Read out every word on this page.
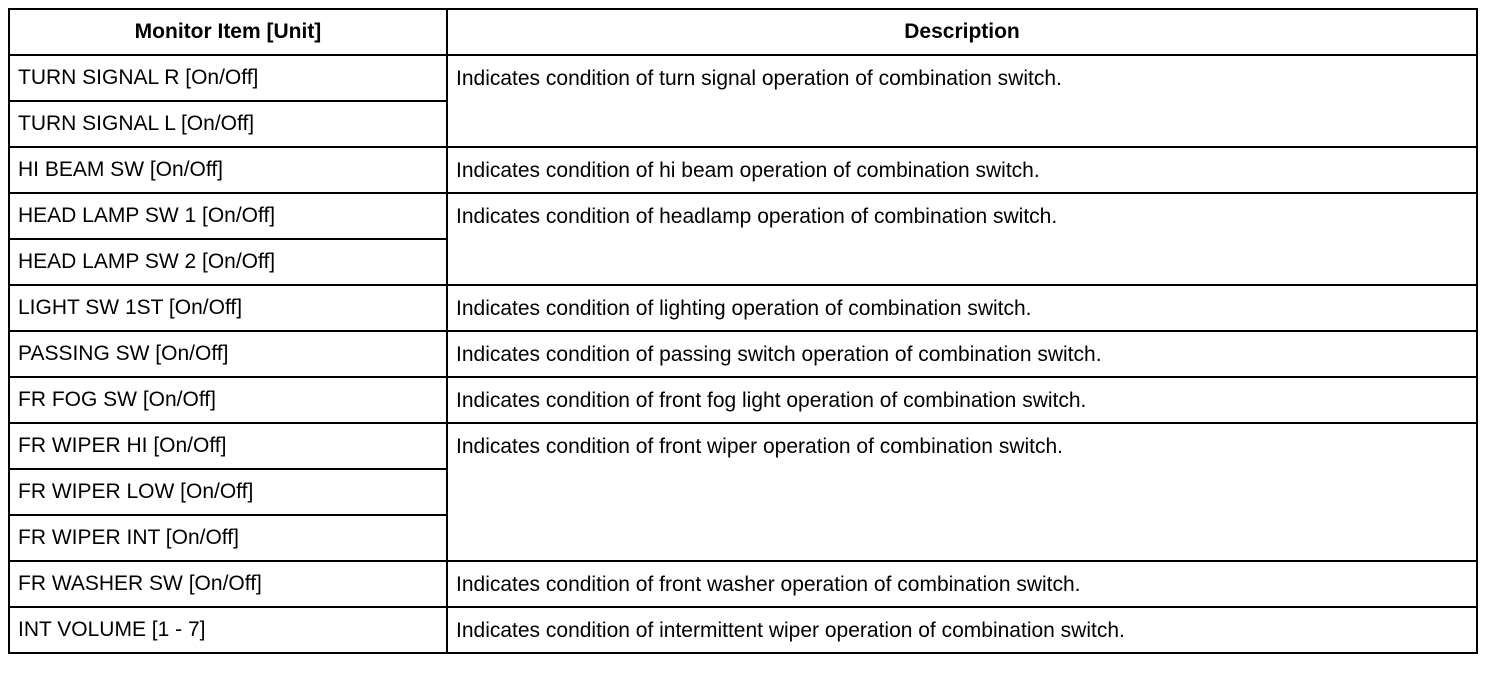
Monitor Item [Unit]	Description
TURN SIGNAL R [On/Off]	Indicates condition of turn signal operation of combination switch.
TURN SIGNAL L [On/Off]	
HI BEAM SW [On/Off]	Indicates condition of hi beam operation of combination switch.
HEAD LAMP SW 1 [On/Off]	Indicates condition of headlamp operation of combination switch.
HEAD LAMP SW 2 [On/Off]	
LIGHT SW 1ST [On/Off]	Indicates condition of lighting operation of combination switch.
PASSING SW [On/Off]	Indicates condition of passing switch operation of combination switch.
FR FOG SW [On/Off]	Indicates condition of front fog light operation of combination switch.
FR WIPER HI [On/Off]	Indicates condition of front wiper operation of combination switch.
FR WIPER LOW [On/Off]	
FR WIPER INT [On/Off]	
FR WASHER SW [On/Off]	Indicates condition of front washer operation of combination switch.
INT VOLUME [1 - 7]	Indicates condition of intermittent wiper operation of combination switch.
